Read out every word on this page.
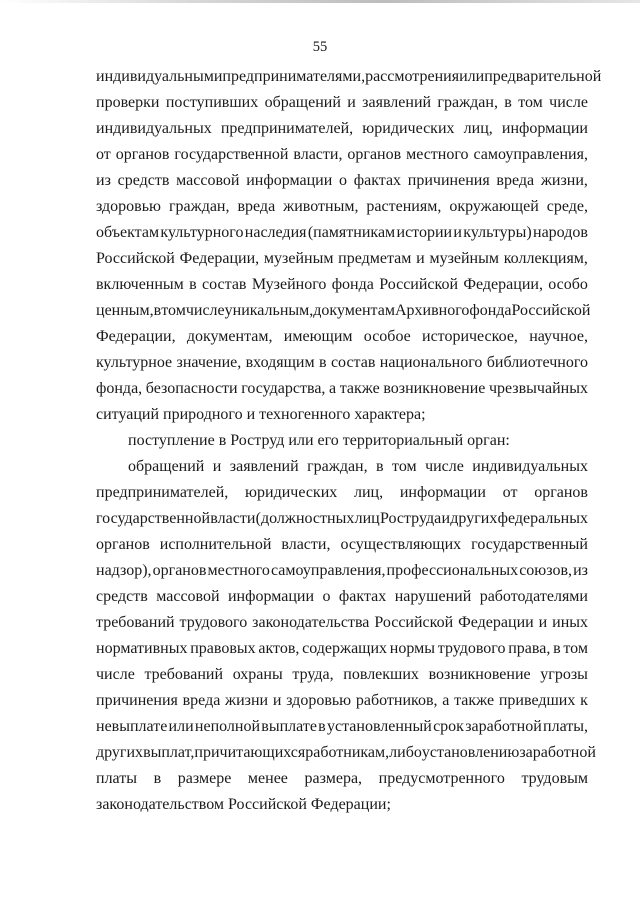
55
индивидуальными предпринимателями, рассмотрения или предварительной
проверки поступивших обращений и заявлений граждан, в том числе
индивидуальных предпринимателей, юридических лиц, информации
от органов государственной власти, органов местного самоуправления,
из средств массовой информации о фактах причинения вреда жизни,
здоровью граждан, вреда животным, растениям, окружающей среде,
объектам культурного наследия (памятникам истории и культуры) народов
Российской Федерации, музейным предметам и музейным коллекциям,
включенным в состав Музейного фонда Российской Федерации, особо
ценным, в том числе уникальным, документам Архивного фонда Российской
Федерации, документам, имеющим особое историческое, научное,
культурное значение, входящим в состав национального библиотечного
фонда, безопасности государства, а также возникновение чрезвычайных
ситуаций природного и техногенного характера;
поступление в Роструд или его территориальный орган:
обращений и заявлений граждан, в том числе индивидуальных
предпринимателей, юридических лиц, информации от органов
государственной власти (должностных лиц Роструда и других федеральных
органов исполнительной власти, осуществляющих государственный
надзор), органов местного самоуправления, профессиональных союзов, из
средств массовой информации о фактах нарушений работодателями
требований трудового законодательства Российской Федерации и иных
нормативных правовых актов, содержащих нормы трудового права, в том
числе требований охраны труда, повлекших возникновение угрозы
причинения вреда жизни и здоровью работников, а также приведших к
невыплате или неполной выплате в установленный срок заработной платы,
других выплат, причитающихся работникам, либо установлению заработной
платы в размере менее размера, предусмотренного трудовым
законодательством Российской Федерации;
